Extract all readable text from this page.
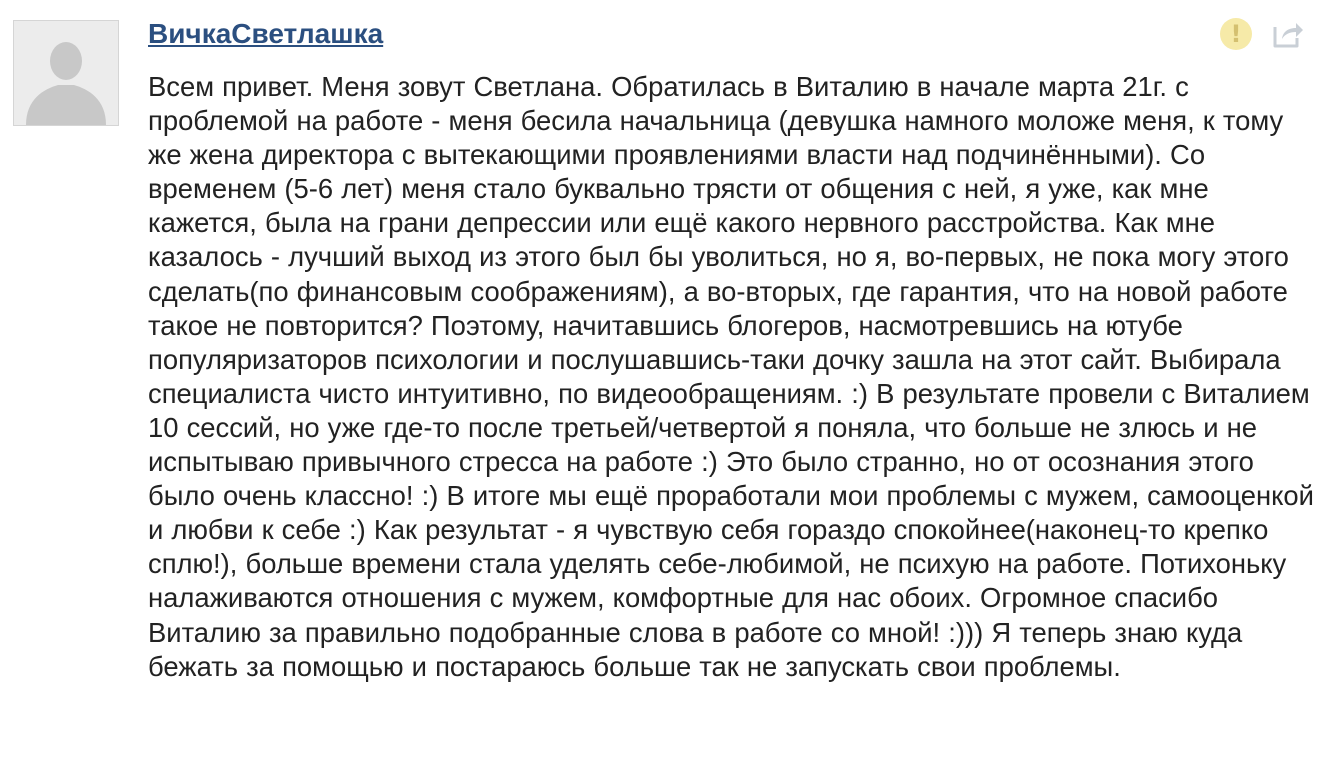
ВичкаСветлашка	!

Всем привет. Меня зовут Светлана. Обратилась в Виталию в начале марта 21г. с проблемой на работе - меня бесила начальница (девушка намного моложе меня, к тому же жена директора с вытекающими проявлениями власти над подчинёнными). Со временем (5-6 лет) меня стало буквально трясти от общения с ней, я уже, как мне кажется, была на грани депрессии или ещё какого нервного расстройства. Как мне казалось - лучший выход из этого был бы уволиться, но я, во-первых, не пока могу этого сделать(по финансовым соображениям), а во-вторых, где гарантия, что на новой работе такое не повторится? Поэтому, начитавшись блогеров, насмотревшись на ютубе популяризаторов психологии и послушавшись-таки дочку зашла на этот сайт. Выбирала специалиста чисто интуитивно, по видеообращениям. :) В результате провели с Виталием 10 сессий, но уже где-то после третьей/четвертой я поняла, что больше не злюсь и не испытываю привычного стресса на работе :) Это было странно, но от осознания этого было очень классно! :) В итоге мы ещё проработали мои проблемы с мужем, самооценкой и любви к себе :) Как результат - я чувствую себя гораздо спокойнее(наконец-то крепко сплю!), больше времени стала уделять себе-любимой, не психую на работе. Потихоньку налаживаются отношения с мужем, комфортные для нас обоих. Огромное спасибо Виталию за правильно подобранные слова в работе со мной! :))) Я теперь знаю куда бежать за помощью и постараюсь больше так не запускать свои проблемы.
